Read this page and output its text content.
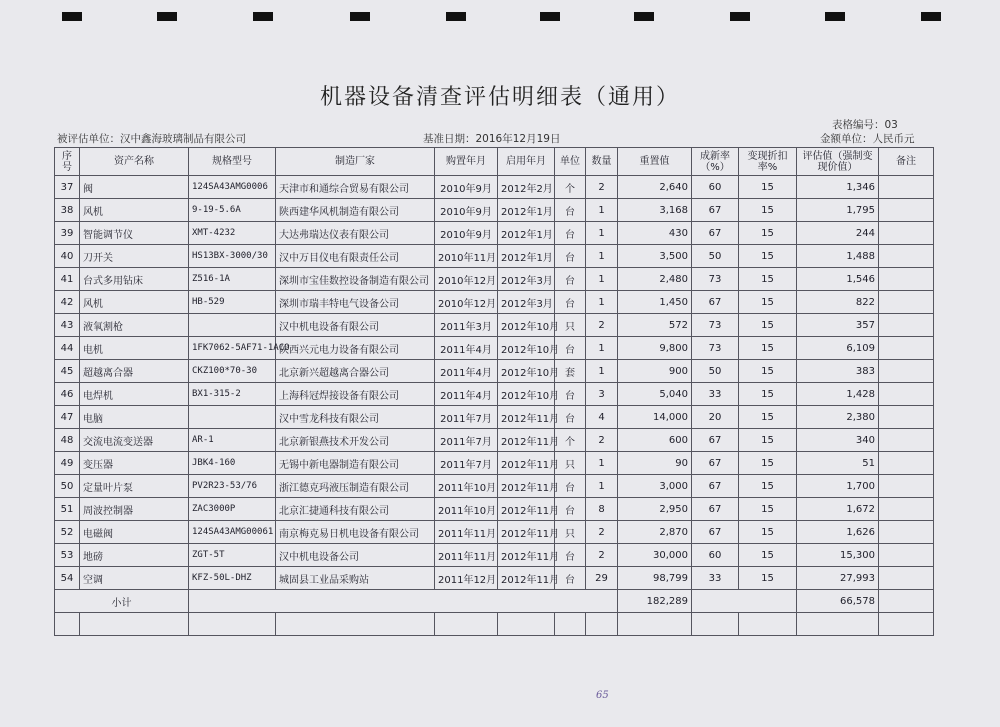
机器设备清查评估明细表（通用）
表格编号：03
被评估单位：汉中鑫海玻璃制品有限公司	基准日期：2016年12月19日	金额单位：人民币元
序号	资产名称	规格型号	制造厂家	购置年月	启用年月	单位	数量	重置值	成新率（%）	变现折扣率%	评估值（强制变现价值）	备注
37	阀	124SA43AMG0006	天津市和通综合贸易有限公司	2010年9月	2012年2月	个	2	2,640	60	15	1,346	
38	风机	9-19-5.6A	陕西建华风机制造有限公司	2010年9月	2012年1月	台	1	3,168	67	15	1,795	
39	智能调节仪	XMT-4232	大达弗瑞达仪表有限公司	2010年9月	2012年1月	台	1	430	67	15	244	
40	刀开关	HS13BX-3000/30	汉中万目仪电有限责任公司	2010年11月	2012年1月	台	1	3,500	50	15	1,488	
41	台式多用钻床	Z516-1A	深圳市宝佳数控设备制造有限公司	2010年12月	2012年3月	台	1	2,480	73	15	1,546	
42	风机	HB-529	深圳市瑞丰特电气设备公司	2010年12月	2012年3月	台	1	1,450	67	15	822	
43	液氧割枪		汉中机电设备有限公司	2011年3月	2012年10月	只	2	572	73	15	357	
44	电机	1FK7062-5AF71-1ACO	陕西兴元电力设备有限公司	2011年4月	2012年10月	台	1	9,800	73	15	6,109	
45	超越离合器	CKZ100*70-30	北京新兴超越离合器公司	2011年4月	2012年10月	套	1	900	50	15	383	
46	电焊机	BX1-315-2	上海科冠焊接设备有限公司	2011年4月	2012年10月	台	3	5,040	33	15	1,428	
47	电脑		汉中雪龙科技有限公司	2011年7月	2012年11月	台	4	14,000	20	15	2,380	
48	交流电流变送器	AR-1	北京新银燕技术开发公司	2011年7月	2012年11月	个	2	600	67	15	340	
49	变压器	JBK4-160	无锡中新电器制造有限公司	2011年7月	2012年11月	只	1	90	67	15	51	
50	定量叶片泵	PV2R23-53/76	浙江德克玛液压制造有限公司	2011年10月	2012年11月	台	1	3,000	67	15	1,700	
51	周波控制器	ZAC3000P	北京汇捷通科技有限公司	2011年10月	2012年11月	台	8	2,950	67	15	1,672	
52	电磁阀	124SA43AMG00061	南京梅克易日机电设备有限公司	2011年11月	2012年11月	只	2	2,870	67	15	1,626	
53	地磅	ZGT-5T	汉中机电设备公司	2011年11月	2012年11月	台	2	30,000	60	15	15,300	
54	空调	KFZ-50L-DHZ	城固县工业品采购站	2011年12月	2012年11月	台	29	98,799	33	15	27,993	
小计								182,289			66,578	

65
